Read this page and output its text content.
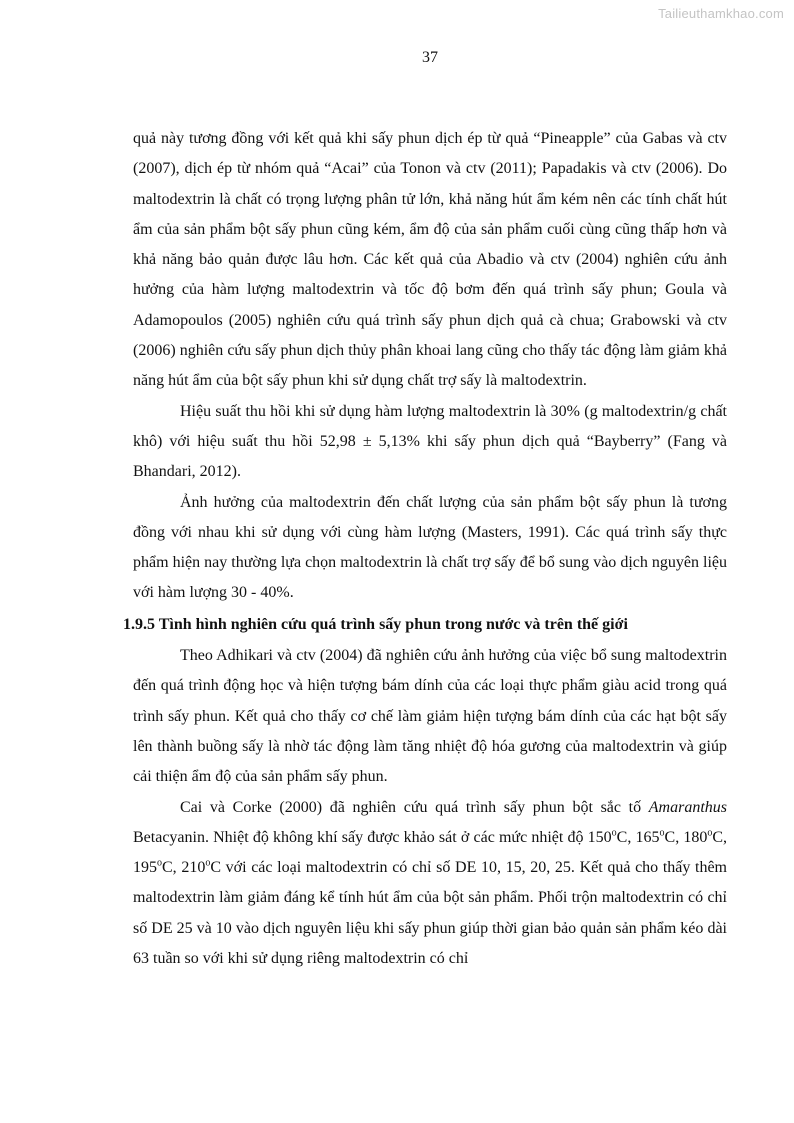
Tailieuthamkhao.com
37

quả này tương đồng với kết quả khi sấy phun dịch ép từ quả “Pineapple” của Gabas và ctv (2007), dịch ép từ nhóm quả “Acai” của Tonon và ctv (2011); Papadakis và ctv (2006). Do maltodextrin là chất có trọng lượng phân tử lớn, khả năng hút ẩm kém nên các tính chất hút ẩm của sản phẩm bột sấy phun cũng kém, ẩm độ của sản phẩm cuối cùng cũng thấp hơn và khả năng bảo quản được lâu hơn. Các kết quả của Abadio và ctv (2004) nghiên cứu ảnh hưởng của hàm lượng maltodextrin và tốc độ bơm đến quá trình sấy phun; Goula và Adamopoulos (2005) nghiên cứu quá trình sấy phun dịch quả cà chua; Grabowski và ctv (2006) nghiên cứu sấy phun dịch thủy phân khoai lang cũng cho thấy tác động làm giảm khả năng hút ẩm của bột sấy phun khi sử dụng chất trợ sấy là maltodextrin.

Hiệu suất thu hồi khi sử dụng hàm lượng maltodextrin là 30% (g maltodextrin/g chất khô) với hiệu suất thu hồi 52,98 ± 5,13% khi sấy phun dịch quả “Bayberry” (Fang và Bhandari, 2012).

Ảnh hưởng của maltodextrin đến chất lượng của sản phẩm bột sấy phun là tương đồng với nhau khi sử dụng với cùng hàm lượng (Masters, 1991). Các quá trình sấy thực phẩm hiện nay thường lựa chọn maltodextrin là chất trợ sấy để bổ sung vào dịch nguyên liệu với hàm lượng 30 - 40%.

1.9.5 Tình hình nghiên cứu quá trình sấy phun trong nước và trên thế giới

Theo Adhikari và ctv (2004) đã nghiên cứu ảnh hưởng của việc bổ sung maltodextrin đến quá trình động học và hiện tượng bám dính của các loại thực phẩm giàu acid trong quá trình sấy phun. Kết quả cho thấy cơ chế làm giảm hiện tượng bám dính của các hạt bột sấy lên thành buồng sấy là nhờ tác động làm tăng nhiệt độ hóa gương của maltodextrin và giúp cải thiện ẩm độ của sản phẩm sấy phun.

Cai và Corke (2000) đã nghiên cứu quá trình sấy phun bột sắc tố Amaranthus Betacyanin. Nhiệt độ không khí sấy được khảo sát ở các mức nhiệt độ 150$^o$C, 165$^o$C, 180$^o$C, 195$^o$C, 210$^o$C với các loại maltodextrin có chỉ số DE 10, 15, 20, 25. Kết quả cho thấy thêm maltodextrin làm giảm đáng kể tính hút ẩm của bột sản phẩm. Phối trộn maltodextrin có chỉ số DE 25 và 10 vào dịch nguyên liệu khi sấy phun giúp thời gian bảo quản sản phẩm kéo dài 63 tuần so với khi sử dụng riêng maltodextrin có chỉ
